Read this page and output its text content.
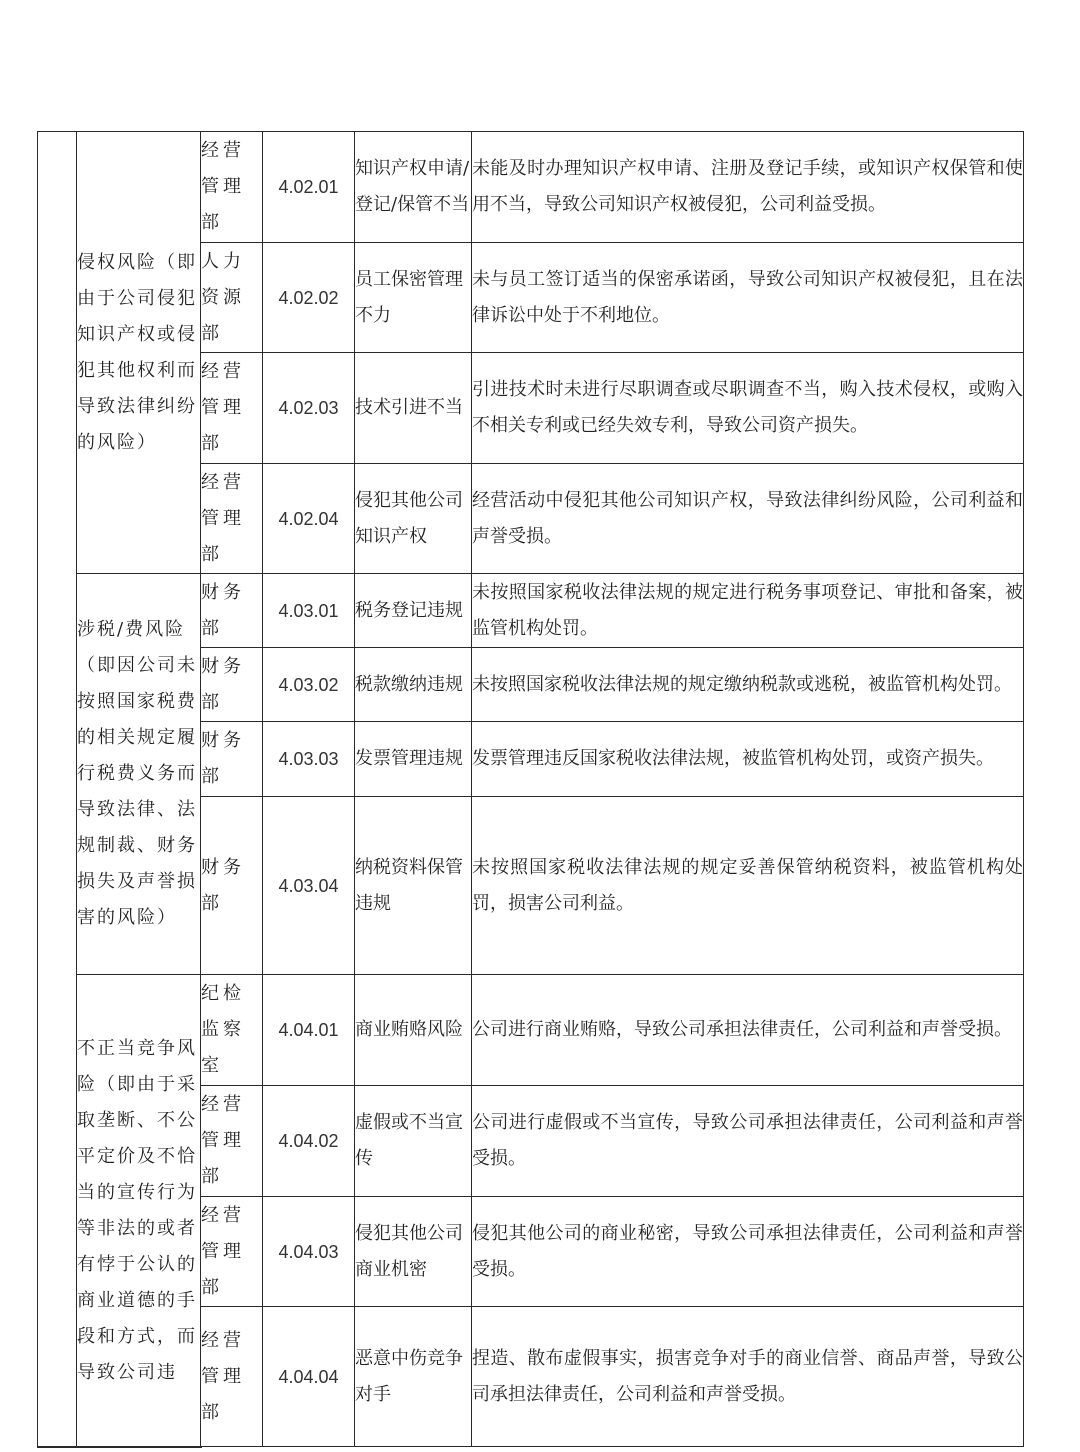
	侵权风险（即由于公司侵犯知识产权或侵犯其他权利而导致法律纠纷的风险）	经营管理部	4.02.01	知识产权申请/登记/保管不当	未能及时办理知识产权申请、注册及登记手续，或知识产权保管和使用不当，导致公司知识产权被侵犯，公司利益受损。
		人力资源部	4.02.02	员工保密管理不力	未与员工签订适当的保密承诺函，导致公司知识产权被侵犯，且在法律诉讼中处于不利地位。
		经营管理部	4.02.03	技术引进不当	引进技术时未进行尽职调查或尽职调查不当，购入技术侵权，或购入不相关专利或已经失效专利，导致公司资产损失。
		经营管理部	4.02.04	侵犯其他公司知识产权	经营活动中侵犯其他公司知识产权，导致法律纠纷风险，公司利益和声誉受损。
	涉税/费风险（即因公司未按照国家税费的相关规定履行税费义务而导致法律、法规制裁、财务损失及声誉损害的风险）	财务部	4.03.01	税务登记违规	未按照国家税收法律法规的规定进行税务事项登记、审批和备案，被监管机构处罚。
		财务部	4.03.02	税款缴纳违规	未按照国家税收法律法规的规定缴纳税款或逃税，被监管机构处罚。
		财务部	4.03.03	发票管理违规	发票管理违反国家税收法律法规，被监管机构处罚，或资产损失。
		财务部	4.03.04	纳税资料保管违规	未按照国家税收法律法规的规定妥善保管纳税资料，被监管机构处罚，损害公司利益。
	不正当竞争风险（即由于采取垄断、不公平定价及不恰当的宣传行为等非法的或者有悖于公认的商业道德的手段和方式，而导致公司违	纪检监察室	4.04.01	商业贿赂风险	公司进行商业贿赂，导致公司承担法律责任，公司利益和声誉受损。
		经营管理部	4.04.02	虚假或不当宣传	公司进行虚假或不当宣传，导致公司承担法律责任，公司利益和声誉受损。
		经营管理部	4.04.03	侵犯其他公司商业机密	侵犯其他公司的商业秘密，导致公司承担法律责任，公司利益和声誉受损。
		经营管理部	4.04.04	恶意中伤竞争对手	捏造、散布虚假事实，损害竞争对手的商业信誉、商品声誉，导致公司承担法律责任，公司利益和声誉受损。
